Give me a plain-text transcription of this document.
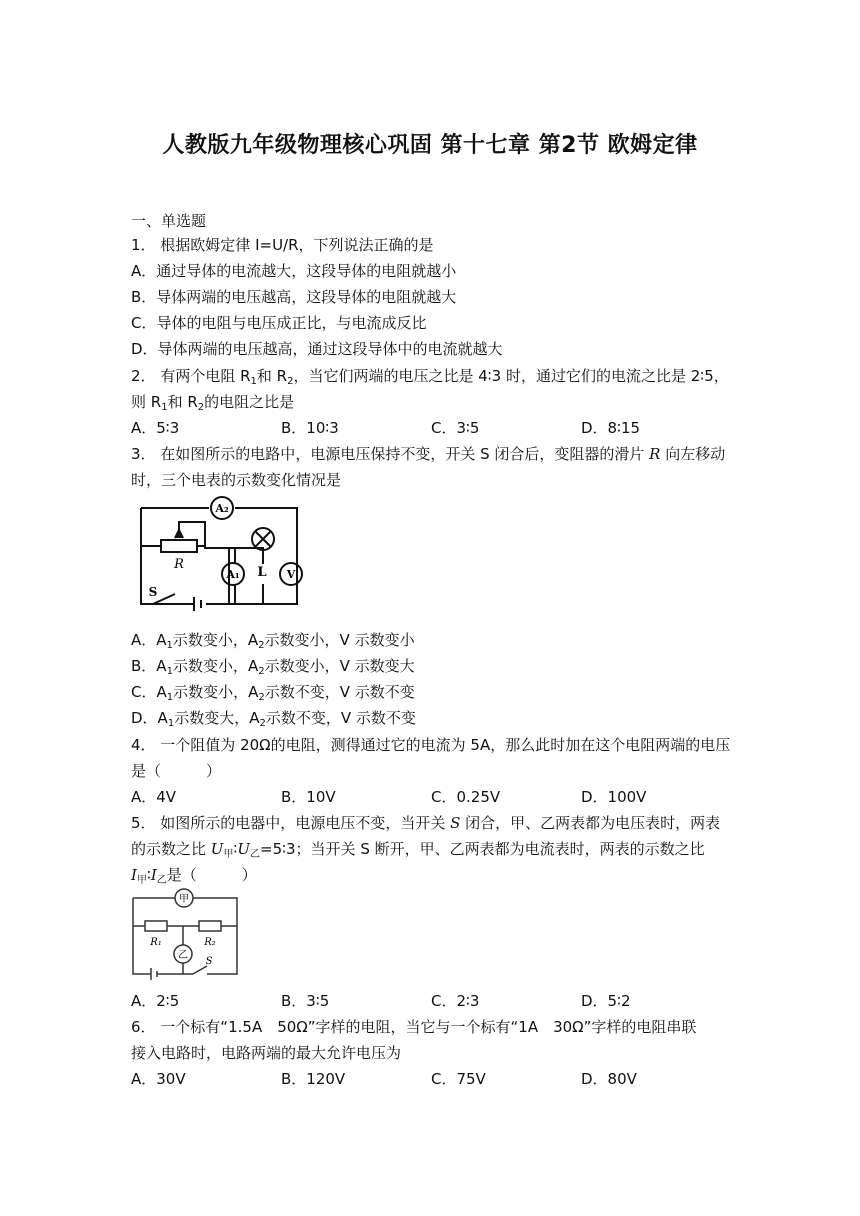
人教版九年级物理核心巩固 第十七章 第2节 欧姆定律
一、单选题
1． 根据欧姆定律 I=U/R，下列说法正确的是
A．通过导体的电流越大，这段导体的电阻就越小
B．导体两端的电压越高，这段导体的电阻就越大
C．导体的电阻与电压成正比，与电流成反比
D．导体两端的电压越高，通过这段导体中的电流就越大
2． 有两个电阻 $R_1$和 $R_2$，当它们两端的电压之比是 4∶3 时，通过它们的电流之比是 2∶5，
则 $R_1$和 $R_2$的电阻之比是
A．5∶3	B．10∶3	C．3∶5	D．8∶15
3． 在如图所示的电路中，电源电压保持不变，开关 S 闭合后，变阻器的滑片 R 向左移动
时，三个电表的示数变化情况是
A₂
A₁	V
R
L
S
A．$A_1$示数变小，$A_2$示数变小，V 示数变小
B．$A_1$示数变小，$A_2$示数变小，V 示数变大
C．$A_1$示数变小，$A_2$示数不变，V 示数不变
D．$A_1$示数变大，$A_2$示数不变，V 示数不变
4． 一个阻值为 20Ω的电阻，测得通过它的电流为 5A，那么此时加在这个电阻两端的电压
是（　　　）
A．4V	B．10V	C．0.25V	D．100V
5． 如图所示的电器中，电源电压不变，当开关 S 闭合，甲、乙两表都为电压表时，两表
的示数之比 $U_甲∶U_乙=5∶3$；当开关 S 断开，甲、乙两表都为电流表时，两表的示数之比
$I_甲∶I_乙$是（　　　）
甲
乙
R₁	R₂
S
A．2∶5	B．3∶5	C．2∶3	D．5∶2
6． 一个标有“1.5A　50Ω”字样的电阻，当它与一个标有“1A　30Ω”字样的电阻串联
接入电路时，电路两端的最大允许电压为
A．30V	B．120V	C．75V	D．80V
